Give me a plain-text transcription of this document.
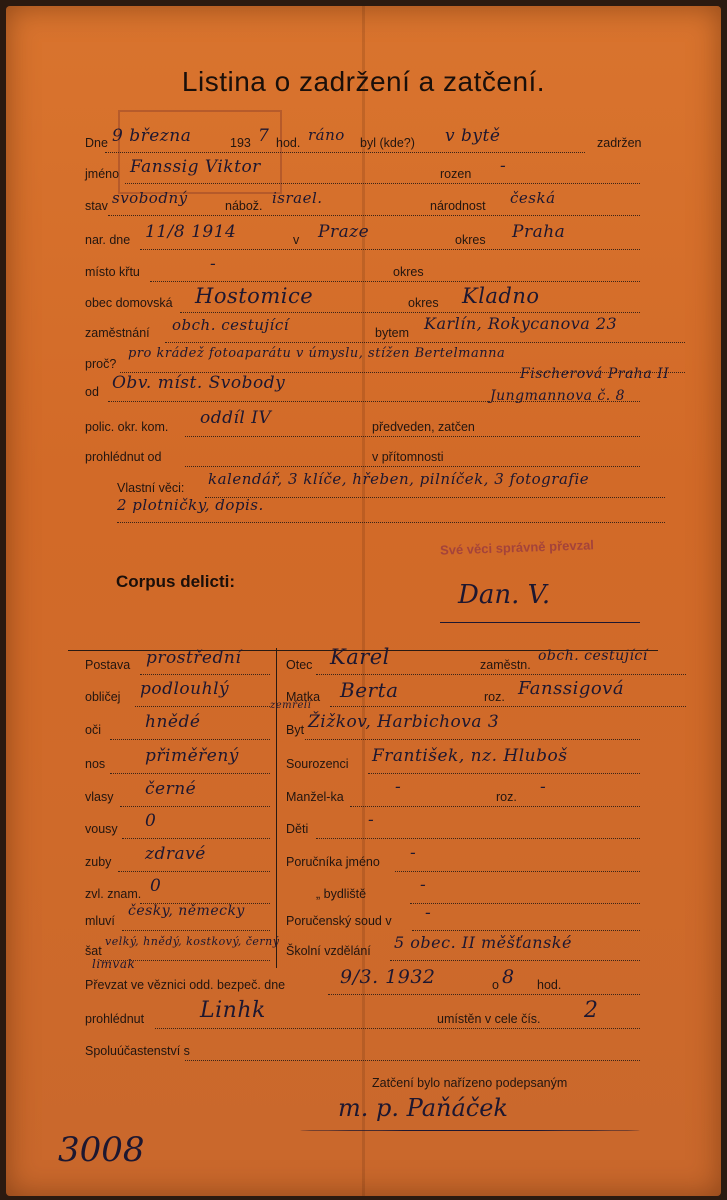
Listina o zadržení a zatčení.
Dne 9 března	193 7 hod. ráno byl (kde?) v bytě	zadržen
jméno Fanssig Viktor	rozen -
stav svobodný	nábož. israel.	národnost česká
nar. dne 11/8 1914	v Praze	okres Praha
místo křtu	-	okres
obec domovská Hostomice	okres Kladno
zaměstnání obch. cestující	bytem Karlín, Rokycanova 23
proč?
pro krádež fotoaparátu v úmyslu, stížen Bertelmanna
od Obv. míst. Svobody	Fischerová Praha II
Jungmannova č. 8
polic. okr. kom. oddíl IV	předveden, zatčen
prohlédnut od	v přítomnosti
Vlastní věci: kalendář, 3 klíče, hřeben, pilníček, 3 fotografie
2 plotničky, dopis.
Své věci správně převzal
Dan. V.
Corpus delicti:
Postava prostřední
obličej podlouhlý
oči	hnědé
nos přiměřený
vlasy černé
vousy 0
zuby zdravé
zvl. znam. 0
mluví
česky, německy
šat
velký, hnědý, kostkový, černý
limvak
Otec Karel	zaměstn.
obch. cestující
Matka Berta	roz. Fanssigová
zemřelí
Byt Žižkov, Harbichova 3
Sourozenci František, nz. Hluboš
Manžel-ka	-	roz. -
Děti	-
Poručníka jméno -
„ bydliště	-
Poručenský soud v -
Školní vzdělání 5 obec. II měšťanské
Převzat ve věznici odd. bezpeč. dne	9/3. 1932	o 8 hod.
prohlédnut	Linhk	umístěn v cele čís. 2
Spoluúčastenství s
Zatčení bylo nařízeno podepsaným
m. p. Paňáček
3008
